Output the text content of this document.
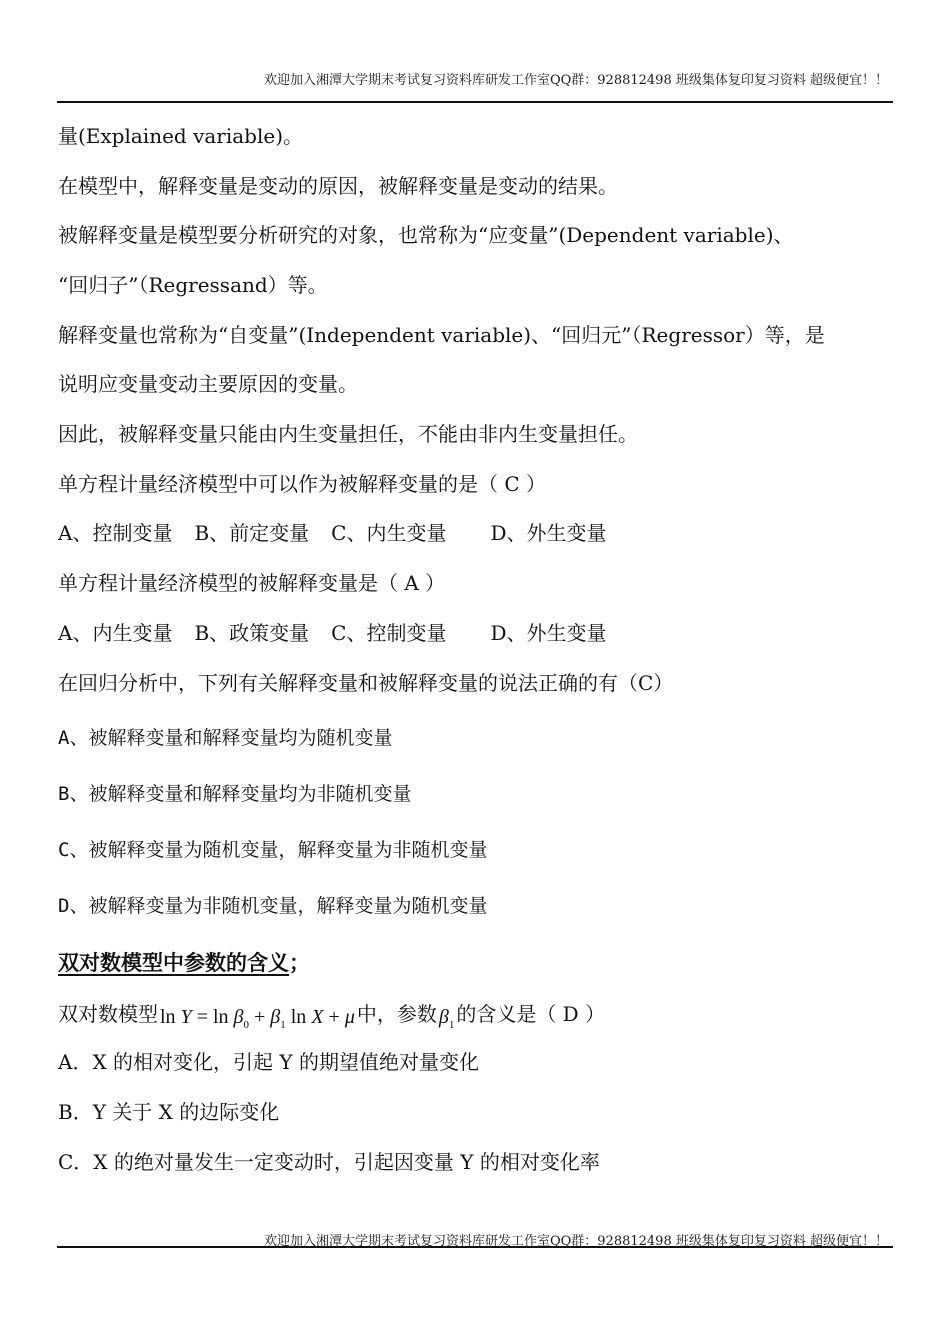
欢迎加入湘潭大学期末考试复习资料库研发工作室QQ群：928812498 班级集体复印复习资料 超级便宜！！
量(Explained variable)。
在模型中，解释变量是变动的原因，被解释变量是变动的结果。
被解释变量是模型要分析研究的对象，也常称为“应变量”(Dependent variable)、
“回归子”（Regressand）等。
解释变量也常称为“自变量”(Independent variable)、“回归元”（Regressor）等，是
说明应变量变动主要原因的变量。
因此，被解释变量只能由内生变量担任，不能由非内生变量担任。
单方程计量经济模型中可以作为被解释变量的是（ C ）
A、控制变量 B、前定变量 C、内生变量 D、外生变量
单方程计量经济模型的被解释变量是（ A ）
A、内生变量 B、政策变量 C、控制变量 D、外生变量
在回归分析中，下列有关解释变量和被解释变量的说法正确的有（C）
A、被解释变量和解释变量均为随机变量
B、被解释变量和解释变量均为非随机变量
C、被解释变量为随机变量，解释变量为非随机变量
D、被解释变量为非随机变量，解释变量为随机变量
双对数模型中参数的含义；
双对数模型 $\ln Y = \ln \beta_0 + \beta_1$ ln X + μ 中，参数 $\beta_1$ 的含义是（ D ）
A．X 的相对变化，引起 Y 的期望值绝对量变化
B．Y 关于 X 的边际变化
C．X 的绝对量发生一定变动时，引起因变量 Y 的相对变化率
欢迎加入湘潭大学期末考试复习资料库研发工作室QQ群：928812498 班级集体复印复习资料 超级便宜！！
